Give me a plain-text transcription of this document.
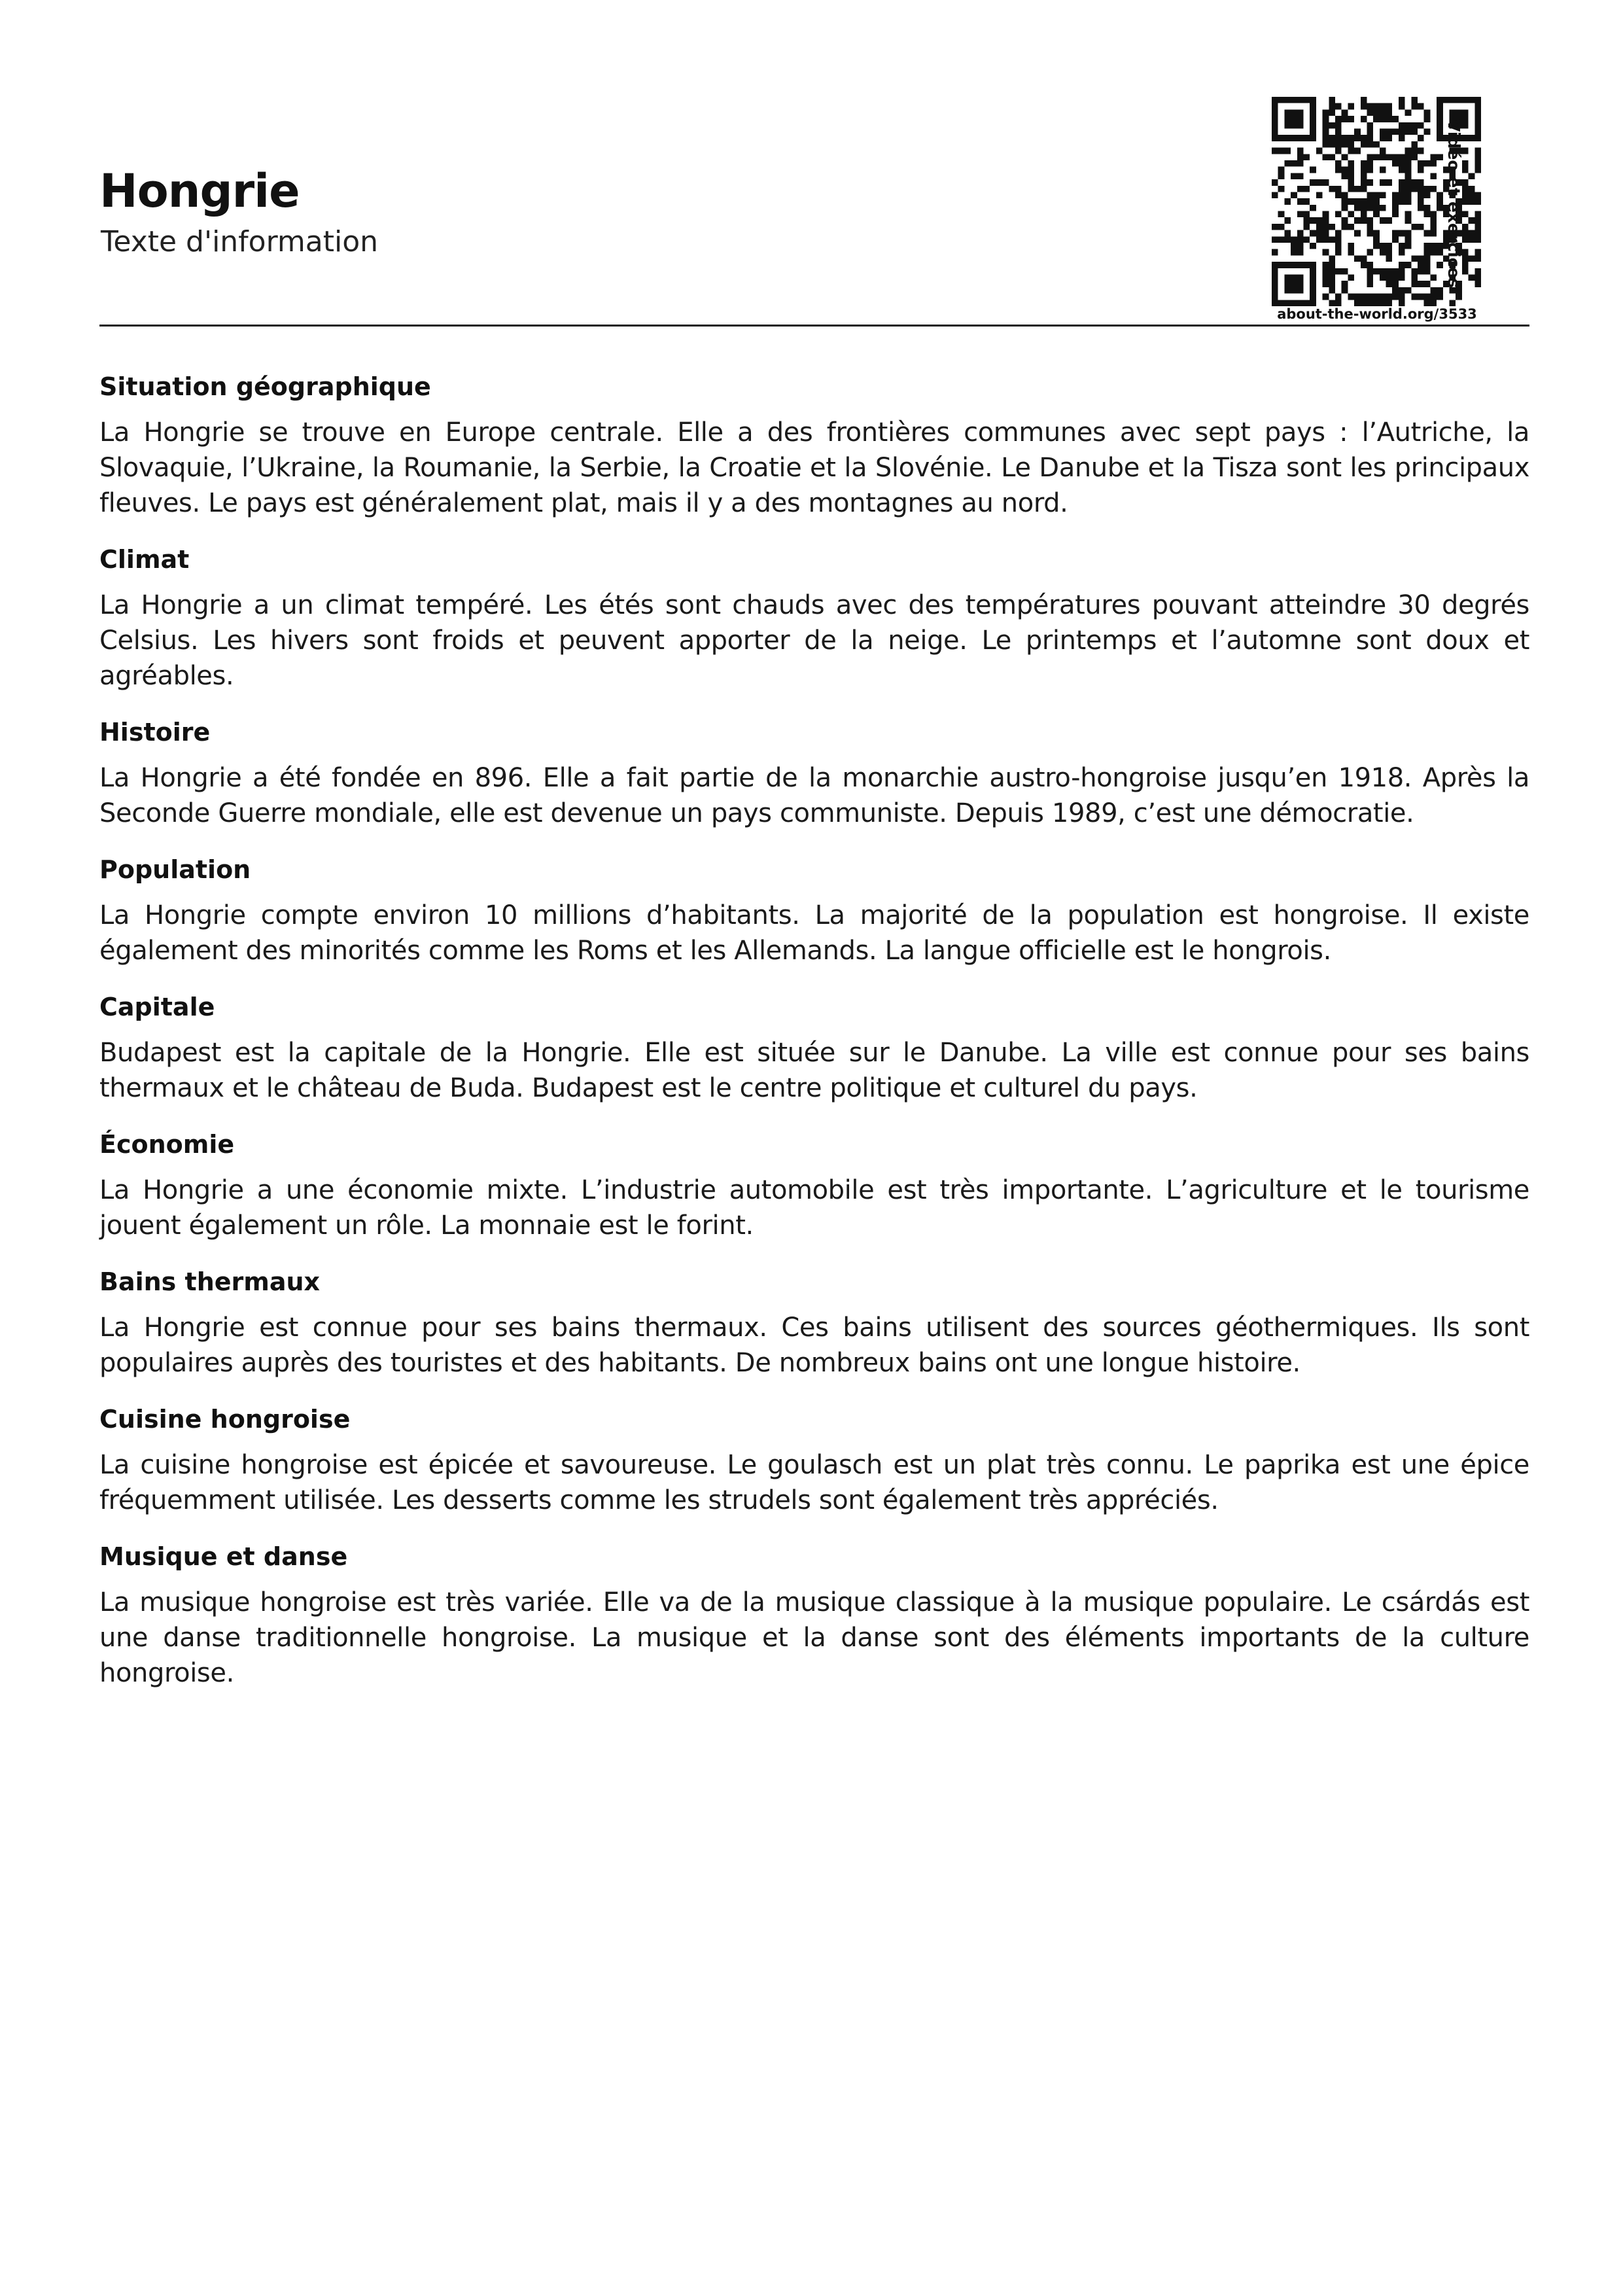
Hongrie
Texte d'information
about-the-world.org/3533
Vidéo et exercices
Situation géographique

La Hongrie se trouve en Europe centrale. Elle a des frontières communes avec sept pays : l’Autriche, la Slovaquie, l’Ukraine, la Roumanie, la Serbie, la Croatie et la Slovénie. Le Danube et la Tisza sont les principaux fleuves. Le pays est généralement plat, mais il y a des montagnes au nord.

Climat

La Hongrie a un climat tempéré. Les étés sont chauds avec des températures pouvant atteindre 30 degrés Celsius. Les hivers sont froids et peuvent apporter de la neige. Le printemps et l’automne sont doux et agréables.

Histoire

La Hongrie a été fondée en 896. Elle a fait partie de la monarchie austro-hongroise jusqu’en 1918. Après la Seconde Guerre mondiale, elle est devenue un pays communiste. Depuis 1989, c’est une démocratie.

Population

La Hongrie compte environ 10 millions d’habitants. La majorité de la population est hongroise. Il existe également des minorités comme les Roms et les Allemands. La langue officielle est le hongrois.

Capitale

Budapest est la capitale de la Hongrie. Elle est située sur le Danube. La ville est connue pour ses bains thermaux et le château de Buda. Budapest est le centre politique et culturel du pays.

Économie

La Hongrie a une économie mixte. L’industrie automobile est très importante. L’agriculture et le tourisme jouent également un rôle. La monnaie est le forint.

Bains thermaux

La Hongrie est connue pour ses bains thermaux. Ces bains utilisent des sources géothermiques. Ils sont populaires auprès des touristes et des habitants. De nombreux bains ont une longue histoire.

Cuisine hongroise

La cuisine hongroise est épicée et savoureuse. Le goulasch est un plat très connu. Le paprika est une épice fréquemment utilisée. Les desserts comme les strudels sont également très appréciés.

Musique et danse

La musique hongroise est très variée. Elle va de la musique classique à la musique populaire. Le csárdás est une danse traditionnelle hongroise. La musique et la danse sont des éléments importants de la culture hongroise.
